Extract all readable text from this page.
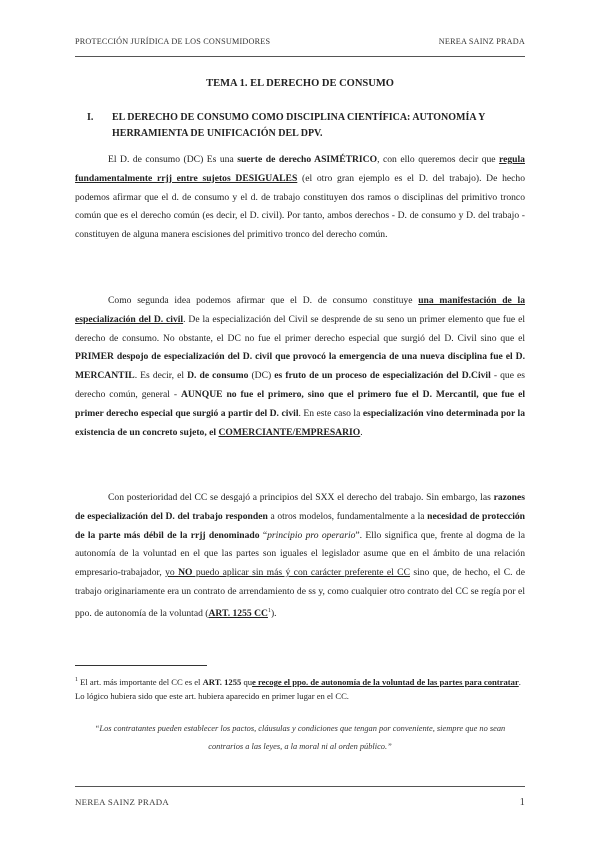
PROTECCIÓN JURÍDICA DE LOS CONSUMIDORES	NEREA SAINZ PRADA
TEMA 1. EL DERECHO DE CONSUMO
I. EL DERECHO DE CONSUMO COMO DISCIPLINA CIENTÍFICA: AUTONOMÍA Y
HERRAMIENTA DE UNIFICACIÓN DEL DPV.
El D. de consumo (DC) Es una suerte de derecho ASIMÉTRICO, con ello queremos decir que regula fundamentalmente rrjj entre sujetos DESIGUALES (el otro gran ejemplo es el D. del trabajo). De hecho podemos afirmar que el d. de consumo y el d. de trabajo constituyen dos ramos o disciplinas del primitivo tronco común que es el derecho común (es decir, el D. civil). Por tanto, ambos derechos - D. de consumo y D. del trabajo - constituyen de alguna manera escisiones del primitivo tronco del derecho común.
Como segunda idea podemos afirmar que el D. de consumo constituye una manifestación de la especialización del D. civil. De la especialización del Civil se desprende de su seno un primer elemento que fue el derecho de consumo. No obstante, el DC no fue el primer derecho especial que surgió del D. Civil sino que el PRIMER despojo de especialización del D. civil que provocó la emergencia de una nueva disciplina fue el D. MERCANTIL. Es decir, el D. de consumo (DC) es fruto de un proceso de especialización del D.Civil - que es derecho común, general - AUNQUE no fue el primero, sino que el primero fue el D. Mercantil, que fue el primer derecho especial que surgió a partir del D. civil. En este caso la especialización vino determinada por la existencia de un concreto sujeto, el COMERCIANTE/EMPRESARIO.
Con posterioridad del CC se desgajó a principios del SXX el derecho del trabajo. Sin embargo, las razones de especialización del D. del trabajo responden a otros modelos, fundamentalmente a la necesidad de protección de la parte más débil de la rrjj denominado “principio pro operario”. Ello significa que, frente al dogma de la autonomía de la voluntad en el que las partes son iguales el legislador asume que en el ámbito de una relación empresario-trabajador, yo NO puedo aplicar sin más ý con carácter preferente el CC sino que, de hecho, el C. de trabajo originariamente era un contrato de arrendamiento de ss y, como cualquier otro contrato del CC se regía por el ppo. de autonomía de la voluntad (ART. 1255 $CC^1$).
$^1$ El art. más importante del CC es el ART. 1255 que recoge el ppo. de autonomía de la voluntad de las partes para contratar. Lo lógico hubiera sido que este art. hubiera aparecido en primer lugar en el CC.
“Los contratantes pueden establecer los pactos, cláusulas y condiciones que tengan por conveniente, siempre que no sean
contrarios a las leyes, a la moral ni al orden público.”
NEREA SAINZ PRADA	1
